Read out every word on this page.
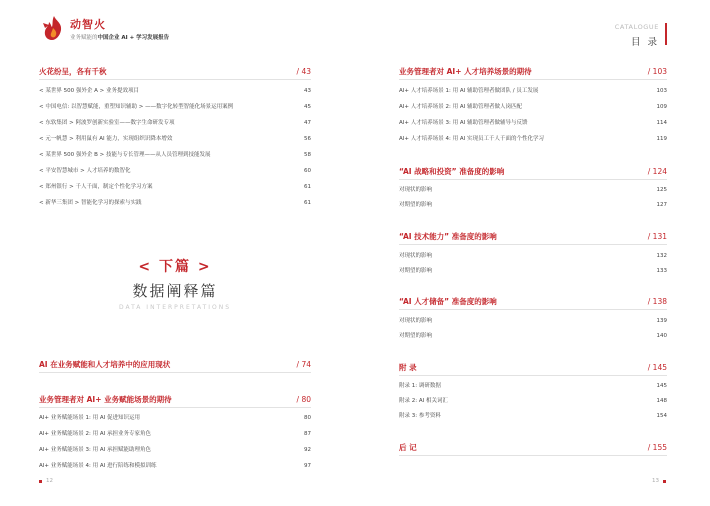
动智火
业务赋能的中国企业 AI + 学习发展报告
CATALOGUE
目 录
火花纷呈，各有千秋	/ 43
< 某世界 500 强外企 A > 业务提效项目	43
< 中国电信: 以智慧赋能，重塑知识辅助 > ——数字化转型智能化场景运用案例	45
< 东软集团 > 阿波罗创新实验室——数字生命研发专项	47
< 元一帆慧 > 利用鼠有 AI 能力，实现组织识降本增效	56
< 某世界 500 强外企 B > 技能与专长管理——从人员管理到技能发展	58
< 平安智慧城市 > 人才培养的数智化	60
< 郑州银行 > 千人千面，制定个性化学习方案	61
< 新华三集团 > 智能化学习的探索与实践	61
AI 在业务赋能和人才培养中的应用现状	/ 74
业务管理者对 AI+ 业务赋能场景的期待	/ 80
AI+ 业务赋能场景 1: 用 AI 促进知识运用	80
AI+ 业务赋能场景 2: 用 AI 承担业务专家角色	87
AI+ 业务赋能场景 3: 用 AI 承担赋能助理角色	92
AI+ 业务赋能场景 4: 用 AI 进行陪练和模拟训练	97
< 下篇 >
数据阐释篇
DATA INTERPRETATIONS
业务管理者对 AI+ 人才培养场景的期待	/ 103
AI+ 人才培养场景 1: 用 AI 辅助管理者做团队 / 员工发展	103
AI+ 人才培养场景 2: 用 AI 辅助管理者做人岗匹配	109
AI+ 人才培养场景 3: 用 AI 辅助管理者做辅导与反馈	114
AI+ 人才培养场景 4: 用 AI 实现员工千人千面的个性化学习	119
“AI 战略和投资” 准备度的影响	/ 124
对现状的影响	125
对期望的影响	127
“AI 技术能力” 准备度的影响	/ 131
对现状的影响	132
对期望的影响	133
“AI 人才储备” 准备度的影响	/ 138
对现状的影响	139
对期望的影响	140
附 录	/ 145
附录 1: 调研数据	145
附录 2: AI 相关词汇	148
附录 3: 参考资料	154
后 记	/ 155
12	13
